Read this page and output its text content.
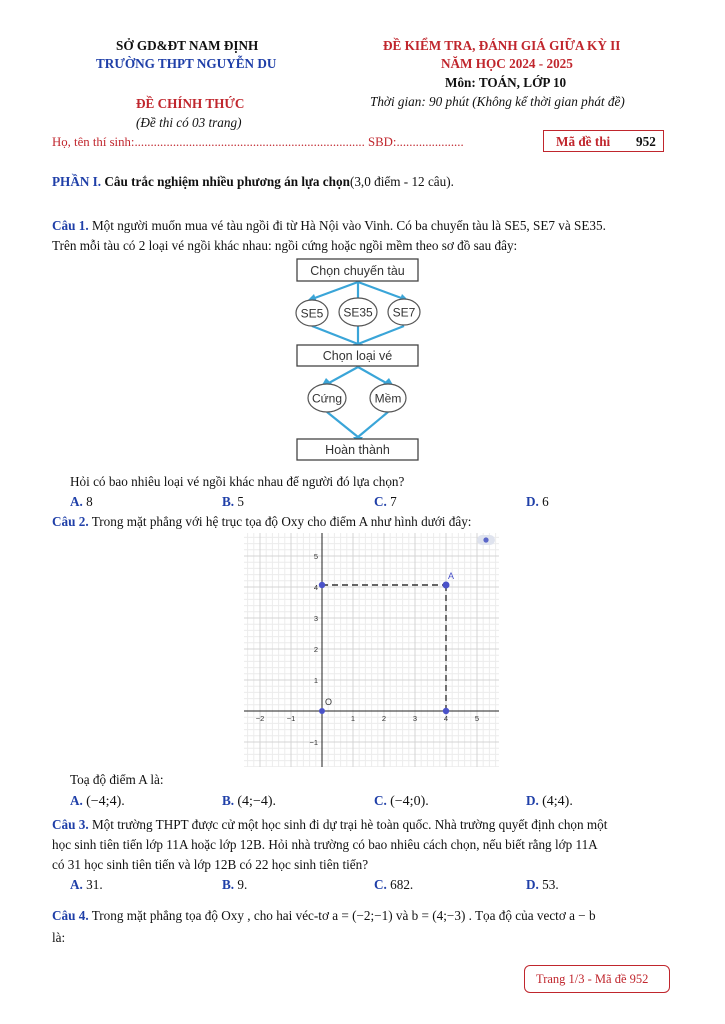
SỞ GD&ĐT NAM ĐỊNH
TRƯỜNG THPT NGUYỄN DU
ĐỀ CHÍNH THỨC
(Đề thi có 03 trang)
ĐỀ KIỂM TRA, ĐÁNH GIÁ GIỮA KỲ II
NĂM HỌC 2024 - 2025
Môn: TOÁN, LỚP 10
Thời gian: 90 phút (Không kể thời gian phát đề)
Họ, tên thí sinh:........................................................................ SBD:.....................	Mã đề thi 952
PHẦN I. Câu trắc nghiệm nhiều phương án lựa chọn(3,0 điểm - 12 câu).
Câu 1. Một người muốn mua vé tàu ngồi đi từ Hà Nội vào Vinh. Có ba chuyến tàu là SE5, SE7 và SE35.
Trên mỗi tàu có 2 loại vé ngồi khác nhau: ngồi cứng hoặc ngồi mềm theo sơ đồ sau đây:
Chọn chuyến tàu
SE5 SE35 SE7
Chọn loại vé
Cứng	Mềm
Hoàn thành
Hỏi có bao nhiêu loại vé ngồi khác nhau để người đó lựa chọn?
A. 8	B. 5	C. 7	D. 6
Câu 2. Trong mặt phẳng với hệ trục tọa độ Oxy cho điểm A như hình dưới đây:
−2	−1	1	2	3	4	5
5
4
3
2
1
−1
A
O
Toạ độ điểm A là:
A. (−4;4).	B. (4;−4).	C. (−4;0).	D. (4;4).
Câu 3. Một trường THPT được cử một học sinh đi dự trại hè toàn quốc. Nhà trường quyết định chọn một
học sinh tiên tiến lớp 11A hoặc lớp 12B. Hỏi nhà trường có bao nhiêu cách chọn, nếu biết rằng lớp 11A
có 31 học sinh tiên tiến và lớp 12B có 22 học sinh tiên tiến?
A. 31.	B. 9.	C. 682.	D. 53.
Câu 4. Trong mặt phẳng tọa độ Oxy , cho hai véc-tơ a = (−2;−1) và b = (4;−3) . Tọa độ của vectơ a − b
là:
Trang 1/3 - Mã đề 952
